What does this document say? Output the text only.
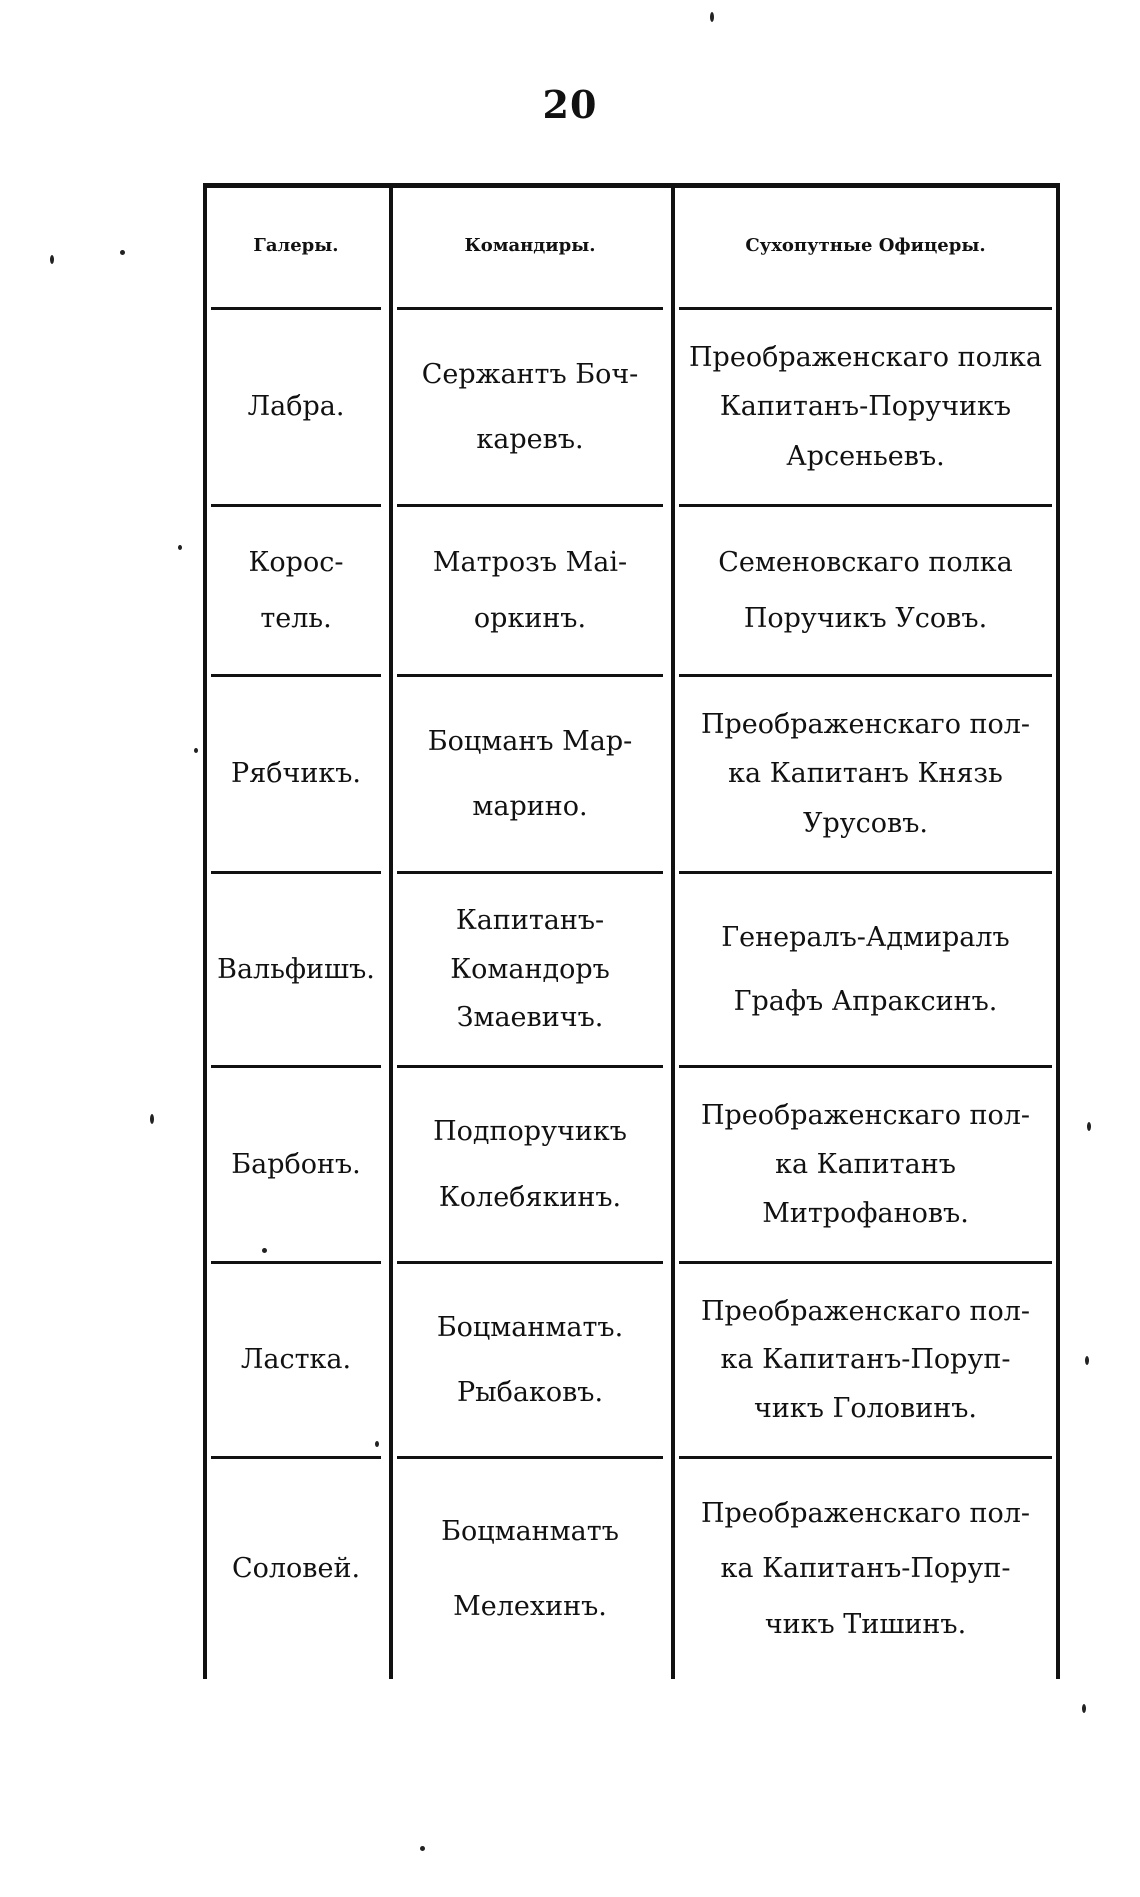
20
Галеры.	Командиры.	Сухопутные Офицеры.
Лабра.
Сержантъ Боч-
каревъ.
Преображенскаго полка
Капитанъ-Поручикъ
Арсеньевъ.
Корос-
тель.
Матрозъ Маі-
оркинъ.
Семеновскаго полка
Поручикъ Усовъ.
Рябчикъ.
Боцманъ Мар-
марино.
Преображенскаго пол-
ка Капитанъ Князь
Урусовъ.
Вальфишъ.
Капитанъ-
Командоръ
Змаевичъ.
Генералъ-Адмиралъ
Графъ Апраксинъ.
Барбонъ.
Подпоручикъ
Колебякинъ.
Преображенскаго пол-
ка Капитанъ
Митрофановъ.
Ластка.
Боцманматъ.
Рыбаковъ.
Преображенскаго пол-
ка Капитанъ-Поруп-
чикъ Головинъ.
Соловей.
Боцманматъ
Мелехинъ.
Преображенскаго пол-
ка Капитанъ-Поруп-
чикъ Тишинъ.
